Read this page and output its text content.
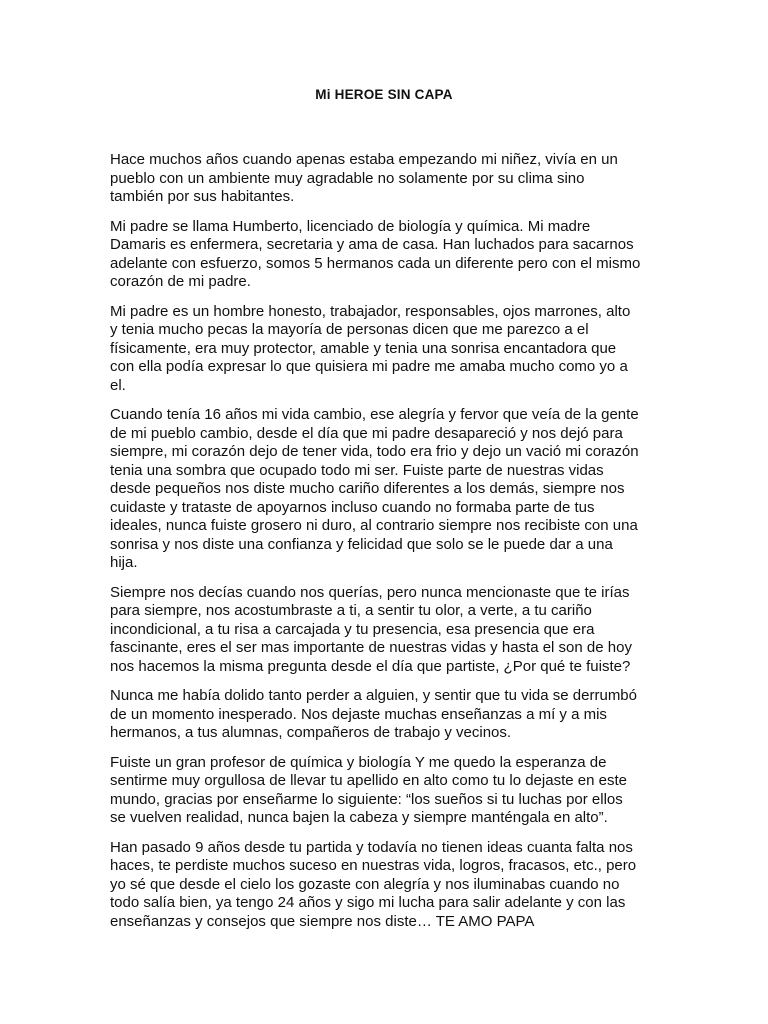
Mi HEROE SIN CAPA

Hace muchos años cuando apenas estaba empezando mi niñez, vivía en un
pueblo con un ambiente muy agradable no solamente por su clima sino
también por sus habitantes.

Mi padre se llama Humberto, licenciado de biología y química. Mi madre
Damaris es enfermera, secretaria y ama de casa. Han luchados para sacarnos
adelante con esfuerzo, somos 5 hermanos cada un diferente pero con el mismo
corazón de mi padre.

Mi padre es un hombre honesto, trabajador, responsables, ojos marrones, alto
y tenia mucho pecas la mayoría de personas dicen que me parezco a el
físicamente, era muy protector, amable y tenia una sonrisa encantadora que
con ella podía expresar lo que quisiera mi padre me amaba mucho como yo a
el.

Cuando tenía 16 años mi vida cambio, ese alegría y fervor que veía de la gente
de mi pueblo cambio, desde el día que mi padre desapareció y nos dejó para
siempre, mi corazón dejo de tener vida, todo era frio y dejo un vació mi corazón
tenia una sombra que ocupado todo mi ser. Fuiste parte de nuestras vidas
desde pequeños nos diste mucho cariño diferentes a los demás, siempre nos
cuidaste y trataste de apoyarnos incluso cuando no formaba parte de tus
ideales, nunca fuiste grosero ni duro, al contrario siempre nos recibiste con una
sonrisa y nos diste una confianza y felicidad que solo se le puede dar a una
hija.

Siempre nos decías cuando nos querías, pero nunca mencionaste que te irías
para siempre, nos acostumbraste a ti, a sentir tu olor, a verte, a tu cariño
incondicional, a tu risa a carcajada y tu presencia, esa presencia que era
fascinante, eres el ser mas importante de nuestras vidas y hasta el son de hoy
nos hacemos la misma pregunta desde el día que partiste, ¿Por qué te fuiste?

Nunca me había dolido tanto perder a alguien, y sentir que tu vida se derrumbó
de un momento inesperado. Nos dejaste muchas enseñanzas a mí y a mis
hermanos, a tus alumnas, compañeros de trabajo y vecinos.

Fuiste un gran profesor de química y biología Y me quedo la esperanza de
sentirme muy orgullosa de llevar tu apellido en alto como tu lo dejaste en este
mundo, gracias por enseñarme lo siguiente: “los sueños si tu luchas por ellos
se vuelven realidad, nunca bajen la cabeza y siempre manténgala en alto”.

Han pasado 9 años desde tu partida y todavía no tienen ideas cuanta falta nos
haces, te perdiste muchos suceso en nuestras vida, logros, fracasos, etc., pero
yo sé que desde el cielo los gozaste con alegría y nos iluminabas cuando no
todo salía bien, ya tengo 24 años y sigo mi lucha para salir adelante y con las
enseñanzas y consejos que siempre nos diste… TE AMO PAPA
